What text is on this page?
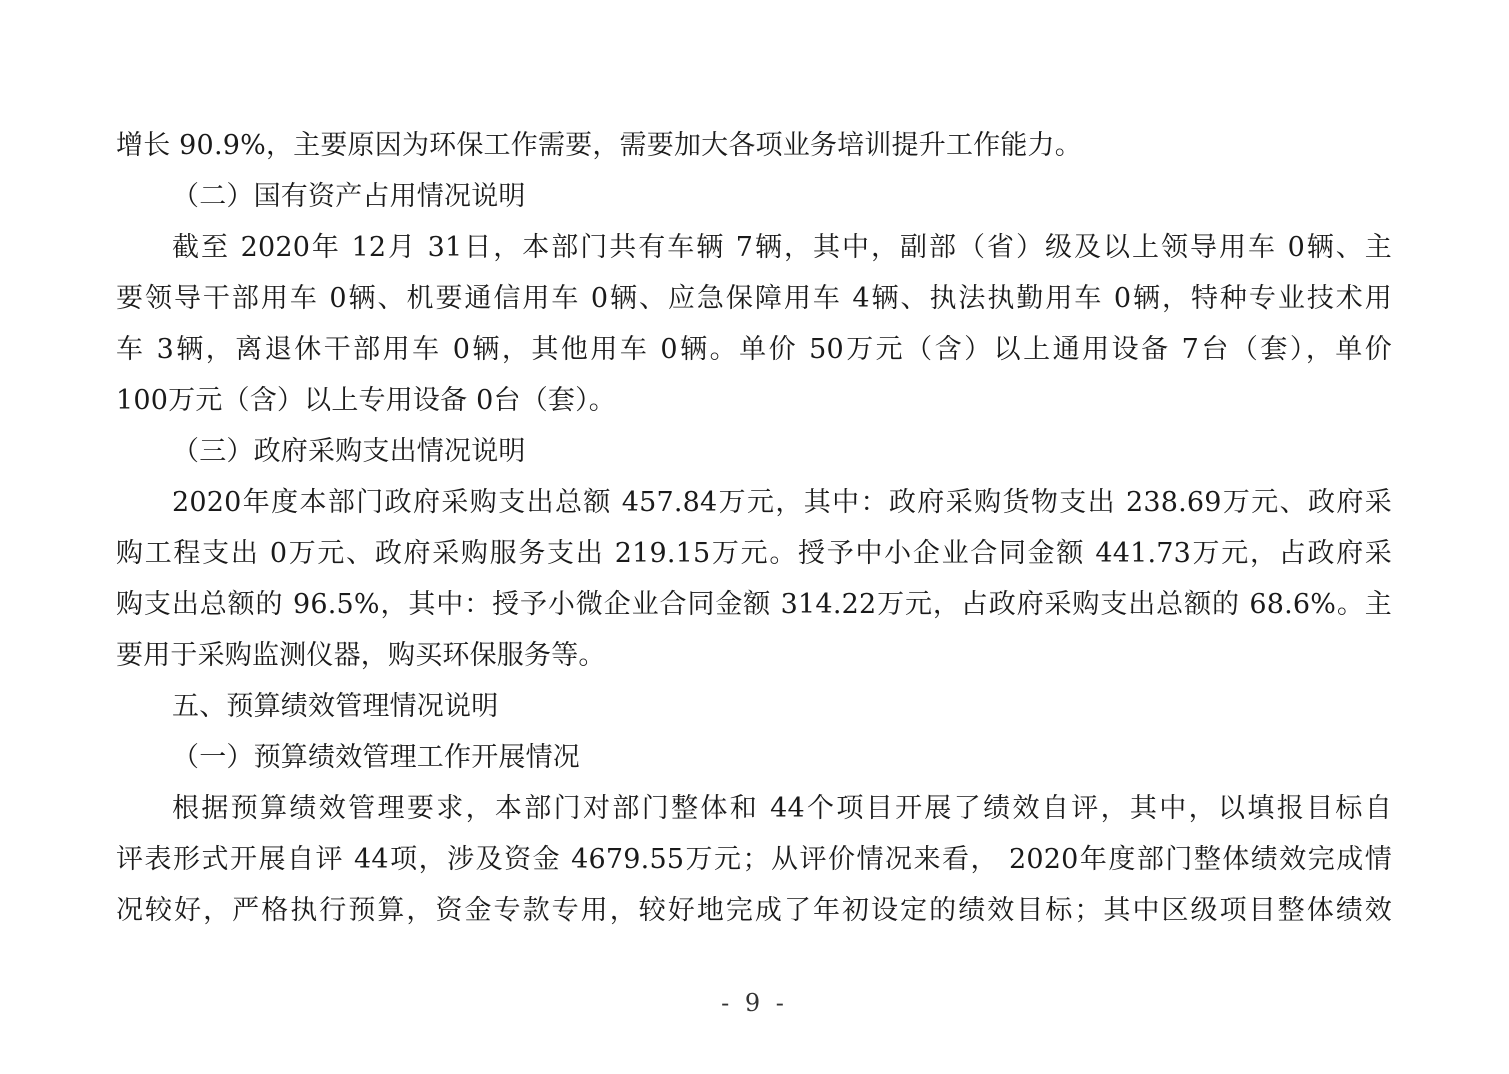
增长 90.9%，主要原因为环保工作需要，需要加大各项业务培训提升工作能力。
（二）国有资产占用情况说明
截至 2020年 12月 31日，本部门共有车辆 7辆，其中，副部（省）级及以上领导用车 0辆、主
要领导干部用车 0辆、机要通信用车 0辆、应急保障用车 4辆、执法执勤用车 0辆，特种专业技术用
车 3辆，离退休干部用车 0辆，其他用车 0辆。单价 50万元（含）以上通用设备 7台（套），单价
100万元（含）以上专用设备 0台（套）。
（三）政府采购支出情况说明
2020年度本部门政府采购支出总额 457.84万元，其中：政府采购货物支出 238.69万元、政府采
购工程支出 0万元、政府采购服务支出 219.15万元。授予中小企业合同金额 441.73万元，占政府采
购支出总额的 96.5%，其中：授予小微企业合同金额 314.22万元，占政府采购支出总额的 68.6%。主
要用于采购监测仪器，购买环保服务等。
五、预算绩效管理情况说明
（一）预算绩效管理工作开展情况
根据预算绩效管理要求，本部门对部门整体和 44个项目开展了绩效自评，其中，以填报目标自
评表形式开展自评 44项，涉及资金 4679.55万元；从评价情况来看， 2020年度部门整体绩效完成情
况较好，严格执行预算，资金专款专用，较好地完成了年初设定的绩效目标；其中区级项目整体绩效
- 9 -
